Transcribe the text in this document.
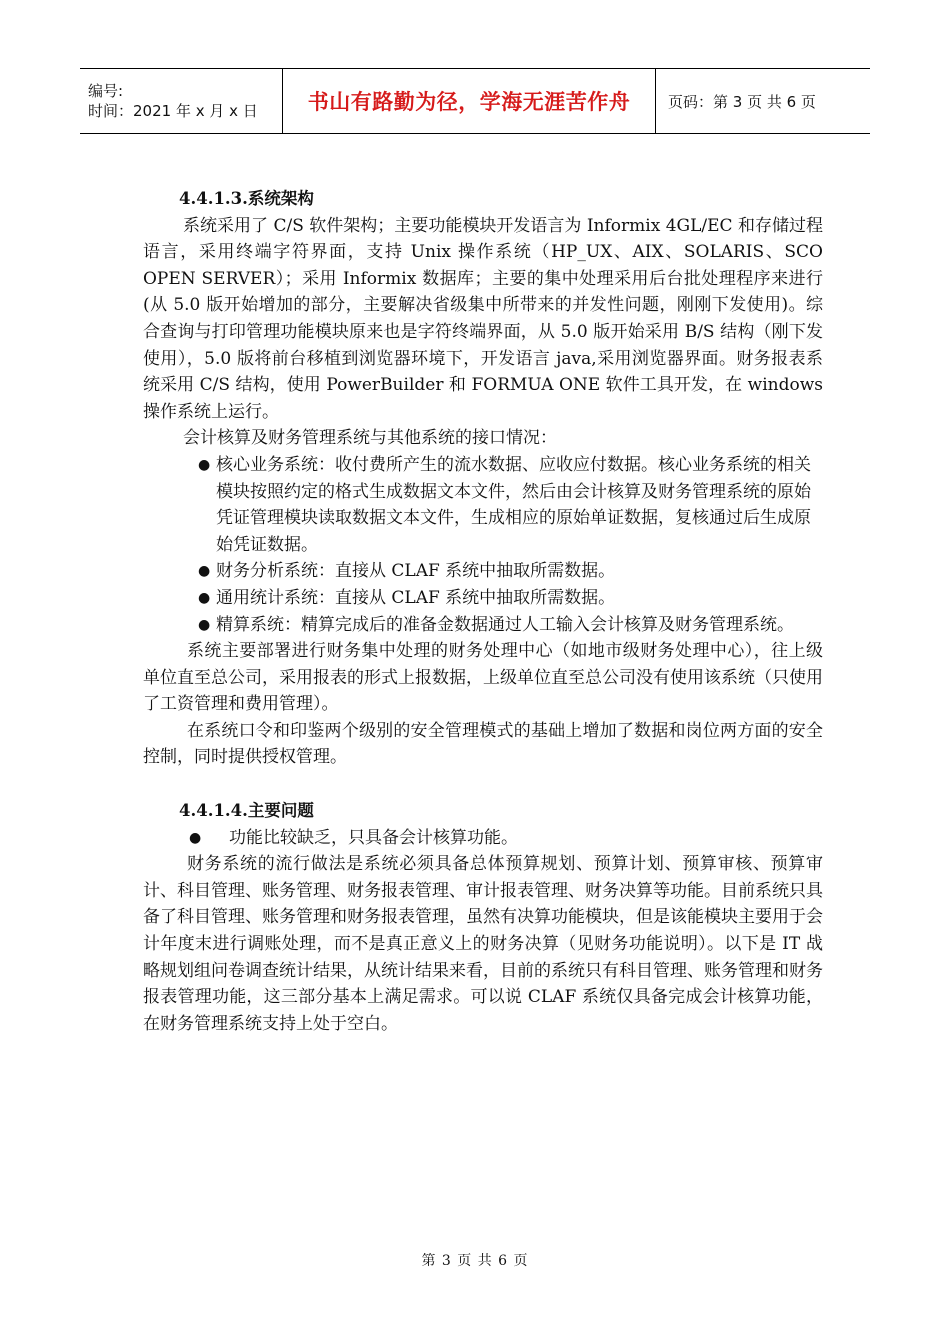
编号:
时间：2021 年 x 月 x 日	书山有路勤为径，学海无涯苦作舟	页码：第 3 页 共 6 页
4.4.1.3.系统架构

系统采用了 C/S 软件架构；主要功能模块开发语言为 Informix 4GL/EC 和存储过程语言，采用终端字符界面，支持 Unix 操作系统（HP_UX、AIX、SOLARIS、SCO OPEN SERVER）；采用 Informix 数据库；主要的集中处理采用后台批处理程序来进行(从 5.0 版开始增加的部分，主要解决省级集中所带来的并发性问题，刚刚下发使用)。综合查询与打印管理功能模块原来也是字符终端界面，从 5.0 版开始采用 B/S 结构（刚下发使用），5.0 版将前台移植到浏览器环境下，开发语言 java,采用浏览器界面。财务报表系统采用 C/S 结构，使用 PowerBuilder 和 FORMUA ONE 软件工具开发，在 windows 操作系统上运行。

会计核算及财务管理系统与其他系统的接口情况：

● 核心业务系统：收付费所产生的流水数据、应收应付数据。核心业务系统的相关模块按照约定的格式生成数据文本文件，然后由会计核算及财务管理系统的原始凭证管理模块读取数据文本文件，生成相应的原始单证数据，复核通过后生成原始凭证数据。
● 财务分析系统：直接从 CLAF 系统中抽取所需数据。
● 通用统计系统：直接从 CLAF 系统中抽取所需数据。
● 精算系统：精算完成后的准备金数据通过人工输入会计核算及财务管理系统。

系统主要部署进行财务集中处理的财务处理中心（如地市级财务处理中心），往上级单位直至总公司，采用报表的形式上报数据，上级单位直至总公司没有使用该系统（只使用了工资管理和费用管理）。

在系统口令和印鉴两个级别的安全管理模式的基础上增加了数据和岗位两方面的安全控制，同时提供授权管理。

4.4.1.4.主要问题
●	功能比较缺乏，只具备会计核算功能。

财务系统的流行做法是系统必须具备总体预算规划、预算计划、预算审核、预算审计、科目管理、账务管理、财务报表管理、审计报表管理、财务决算等功能。目前系统只具备了科目管理、账务管理和财务报表管理，虽然有决算功能模块，但是该能模块主要用于会计年度末进行调账处理，而不是真正意义上的财务决算（见财务功能说明）。以下是 IT 战略规划组问卷调查统计结果，从统计结果来看，目前的系统只有科目管理、账务管理和财务报表管理功能，这三部分基本上满足需求。可以说 CLAF 系统仅具备完成会计核算功能，在财务管理系统支持上处于空白。

第 3 页 共 6 页
